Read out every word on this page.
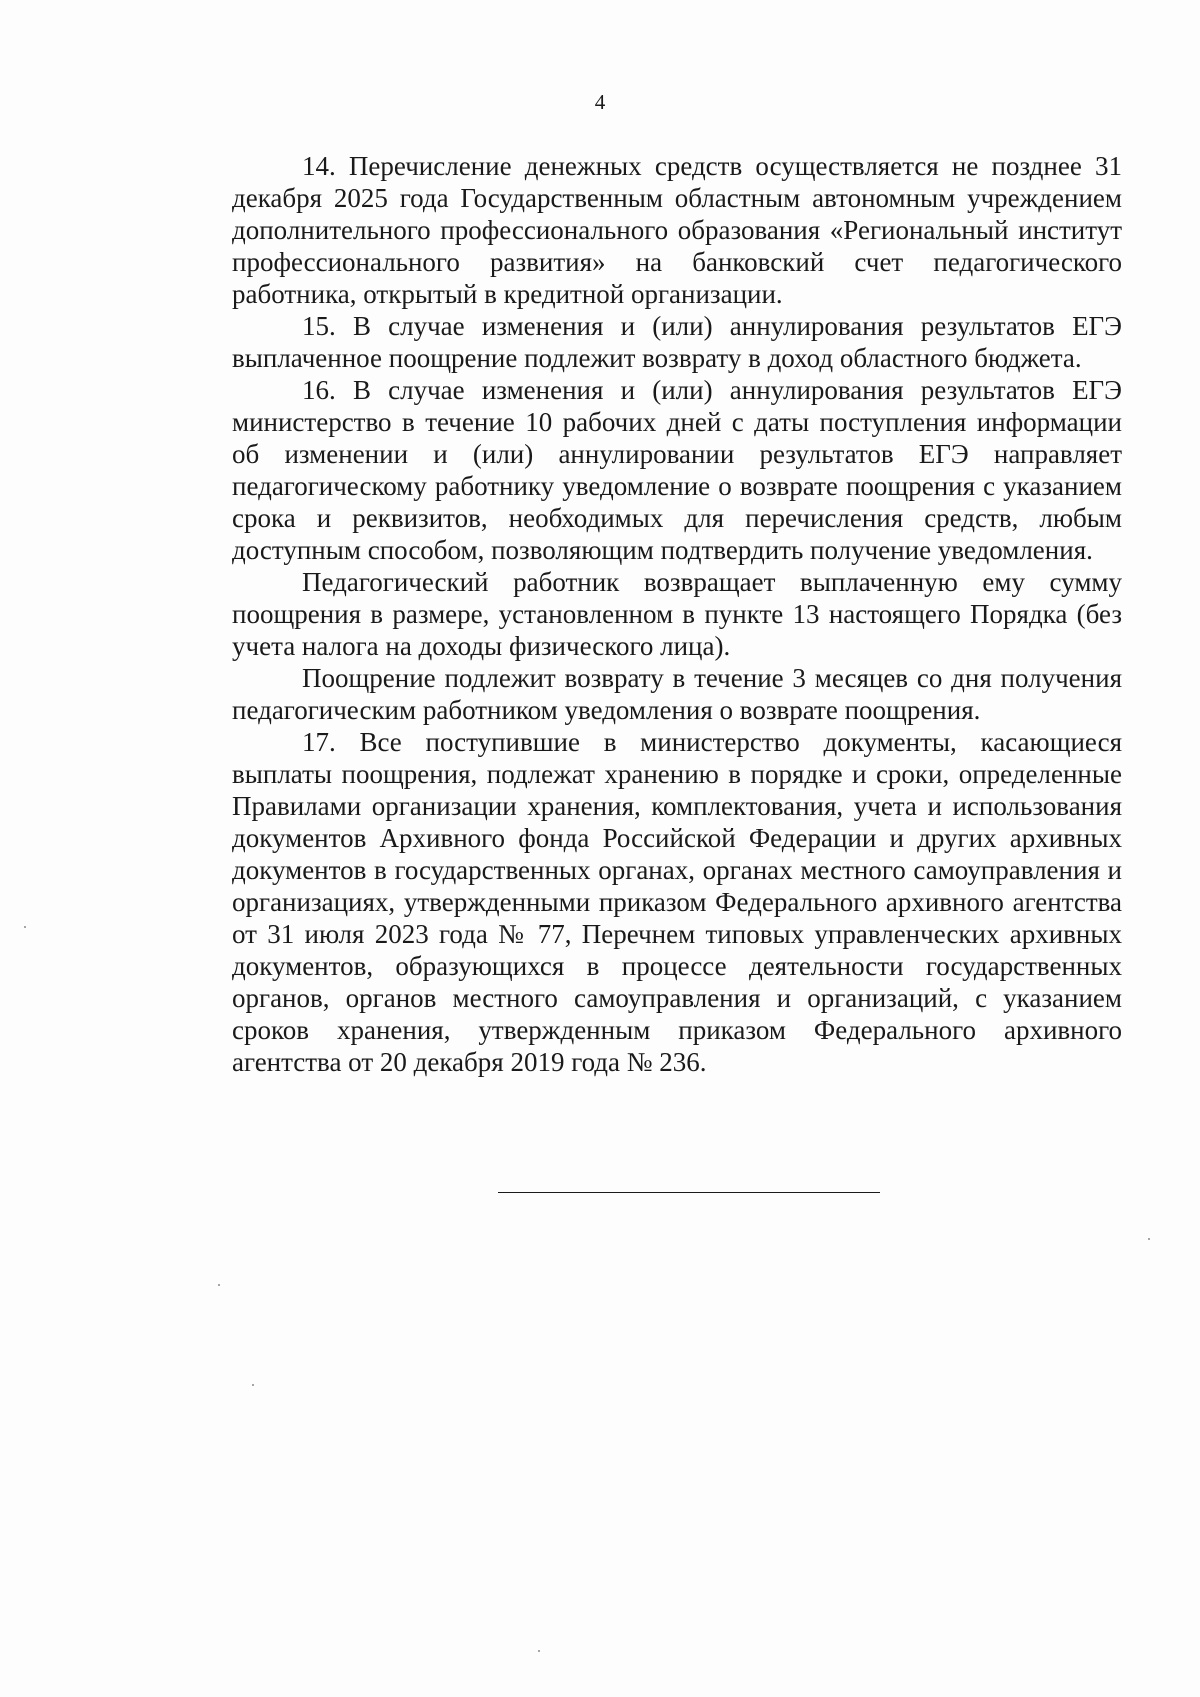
4

14. Перечисление денежных средств осуществляется не позднее 31 декабря 2025 года Государственным областным автономным учреждением дополнительного профессионального образования «Региональный институт профессионального развития» на банковский счет педагогического работника, открытый в кредитной организации.

15. В случае изменения и (или) аннулирования результатов ЕГЭ выплаченное поощрение подлежит возврату в доход областного бюджета.

16. В случае изменения и (или) аннулирования результатов ЕГЭ министерство в течение 10 рабочих дней с даты поступления информации об изменении и (или) аннулировании результатов ЕГЭ направляет педагогическому работнику уведомление о возврате поощрения с указанием срока и реквизитов, необходимых для перечисления средств, любым доступным способом, позволяющим подтвердить получение уведомления.

Педагогический работник возвращает выплаченную ему сумму поощрения в размере, установленном в пункте 13 настоящего Порядка (без учета налога на доходы физического лица).

Поощрение подлежит возврату в течение 3 месяцев со дня получения педагогическим работником уведомления о возврате поощрения.

17. Все поступившие в министерство документы, касающиеся выплаты поощрения, подлежат хранению в порядке и сроки, определенные Правилами организации хранения, комплектования, учета и использования документов Архивного фонда Российской Федерации и других архивных документов в государственных органах, органах местного самоуправления и организациях, утвержденными приказом Федерального архивного агентства от 31 июля 2023 года № 77, Перечнем типовых управленческих архивных документов, образующихся в процессе деятельности государственных органов, органов местного самоуправления и организаций, с указанием сроков хранения, утвержденным приказом Федерального архивного агентства от 20 декабря 2019 года № 236.
